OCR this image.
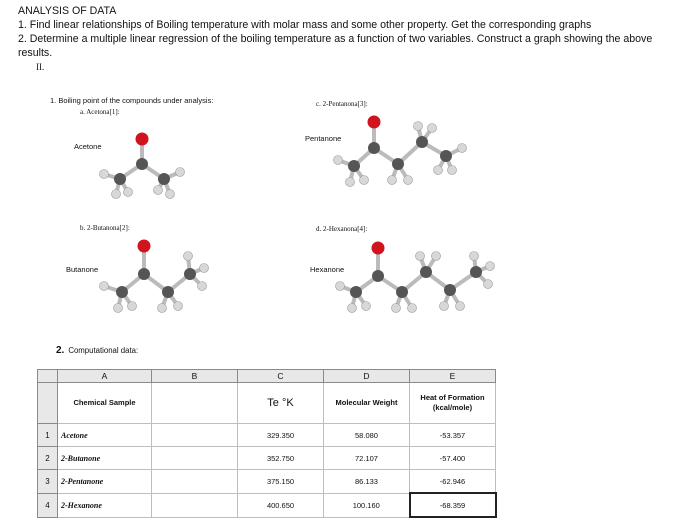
ANALYSIS OF DATA
1. Find linear relationships of Boiling temperature with molar mass and some other property. Get the corresponding graphs
2. Determine a multiple linear regression of the boiling temperature as a function of two variables. Construct a graph showing the above
results.
II.
1. Boiling point of the compounds under analysis:
a. Acetona[1]:
Acetone
b. 2-Butanona[2]:
Butanone
c. 2-Pentanona[3]:
Pentanone
d. 2-Hexanona[4]:
Hexanone
2. Computational data:
	A	B	C	D	E
	Chemical Sample		Te °K	Molecular Weight	Heat of Formation (kcal/mole)
1	Acetone		329.350	58.080	-53.357
2	2-Butanone		352.750	72.107	-57.400
3	2-Pentanone		375.150	86.133	-62.946
4	2-Hexanone		400.650	100.160	-68.359
